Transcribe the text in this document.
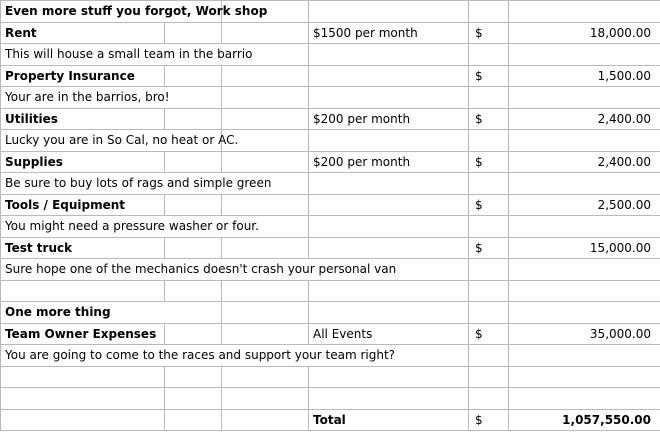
Even more stuff you forgot, Work shop					

Rent			$1500 per month	$	18,000.00

This will house a small team in the barrio					

Property Insurance				$	1,500.00

Your are in the barrios, bro!					

Utilities			$200 per month	$	2,400.00

Lucky you are in So Cal, no heat or AC.					

Supplies			$200 per month	$	2,400.00

Be sure to buy lots of rags and simple green					

Tools / Equipment				$	2,500.00

You might need a pressure washer or four.					

Test truck				$	15,000.00

Sure hope one of the mechanics doesn't crash your personal van					

One more thing					

Team Owner Expenses			All Events	$	35,000.00

You are going to come to the races and support your team right?					

			Total	$	1,057,550.00
